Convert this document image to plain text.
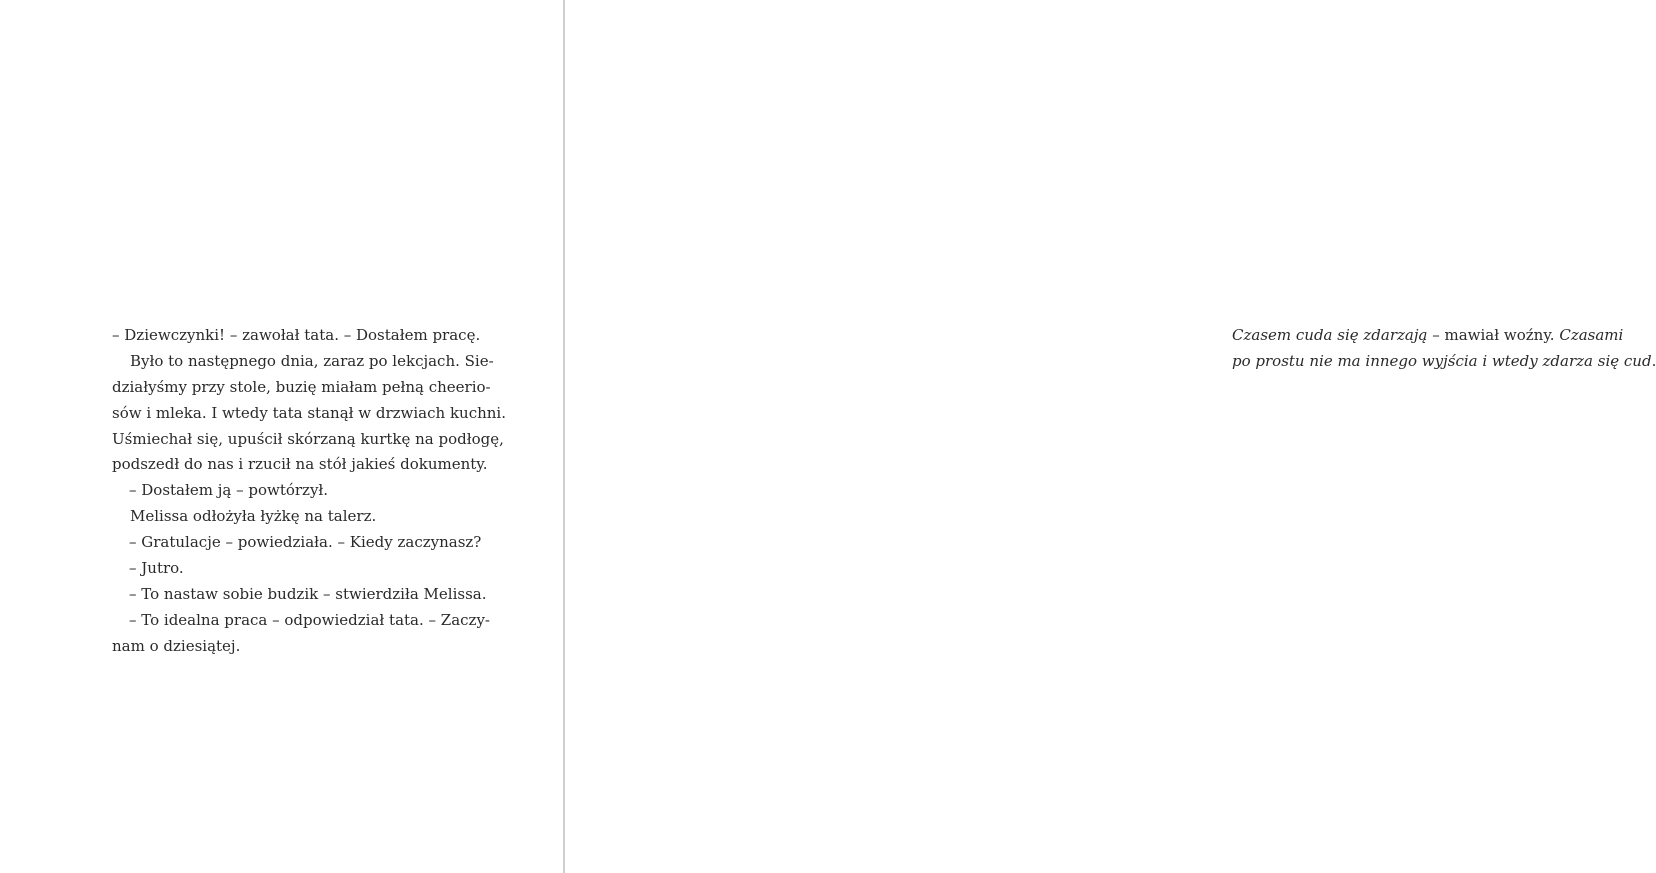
– Dziewczynki! – zawołał tata. – Dostałem pracę.
Było to następnego dnia, zaraz po lekcjach. Sie-
działyśmy przy stole, buzię miałam pełną cheerio-
sów i mleka. I wtedy tata stanął w drzwiach kuchni.
Uśmiechał się, upuścił skórzaną kurtkę na podłogę,
podszedł do nas i rzucił na stół jakieś dokumenty.
– Dostałem ją – powtórzył.
Melissa odłożyła łyżkę na talerz.
– Gratulacje – powiedziała. – Kiedy zaczynasz?
– Jutro.
– To nastaw sobie budzik – stwierdziła Melissa.
– To idealna praca – odpowiedział tata. – Zaczy-
nam o dziesiątej.
Czasem cuda się zdarzają – mawiał woźny. Czasami
po prostu nie ma innego wyjścia i wtedy zdarza się cud.
